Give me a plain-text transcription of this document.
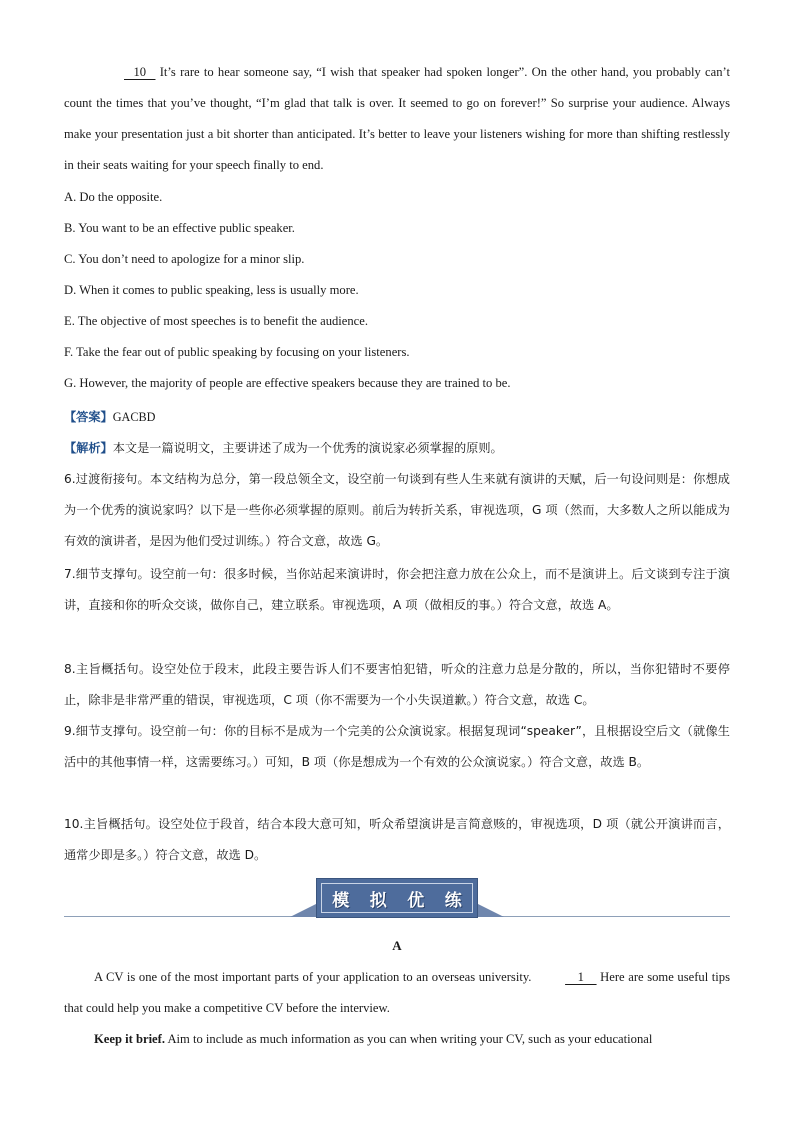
10    It’s rare to hear someone say, “I wish that speaker had spoken longer”. On the other hand, you probably can’t count the times that you’ve thought, “I’m glad that talk is over. It seemed to go on forever!” So surprise your audience. Always make your presentation just a bit shorter than anticipated. It’s better to leave your listeners wishing for more than shifting restlessly in their seats waiting for your speech finally to end.

A. Do the opposite.

B. You want to be an effective public speaker.

C. You don’t need to apologize for a minor slip.

D. When it comes to public speaking, less is usually more.

E. The objective of most speeches is to benefit the audience.

F. Take the fear out of public speaking by focusing on your listeners.

G. However, the majority of people are effective speakers because they are trained to be.

【答案】GACBD

【解析】本文是一篇说明文，主要讲述了成为一个优秀的演说家必须掌握的原则。

6.过渡衔接句。本文结构为总分，第一段总领全文，设空前一句谈到有些人生来就有演讲的天赋，后一句设问则是：你想成为一个优秀的演说家吗？以下是一些你必须掌握的原则。前后为转折关系，审视选项，G 项（然而，大多数人之所以能成为有效的演讲者，是因为他们受过训练。）符合文意，故选 G。

7.细节支撑句。设空前一句：很多时候，当你站起来演讲时，你会把注意力放在公众上，而不是演讲上。后文谈到专注于演讲，直接和你的听众交谈，做你自己，建立联系。审视选项，A 项（做相反的事。）符合文意，故选 A。

8.主旨概括句。设空处位于段末，此段主要告诉人们不要害怕犯错，听众的注意力总是分散的，所以，当你犯错时不要停止，除非是非常严重的错误，审视选项，C 项（你不需要为一个小失误道歉。）符合文意，故选 C。

9.细节支撑句。设空前一句：你的目标不是成为一个完美的公众演说家。根据复现词“speaker”，且根据设空后文（就像生活中的其他事情一样，这需要练习。）可知，B 项（你是想成为一个有效的公众演说家。）符合文意，故选 B。

10.主旨概括句。设空处位于段首，结合本段大意可知，听众希望演讲是言简意赅的，审视选项，D 项（就公开演讲而言，通常少即是多。）符合文意，故选 D。

模 拟 优 练
A

A CV is one of the most important parts of your application to an overseas university.     1     Here are some useful tips that could help you make a competitive CV before the interview.

Keep it brief. Aim to include as much information as you can when writing your CV, such as your educational
